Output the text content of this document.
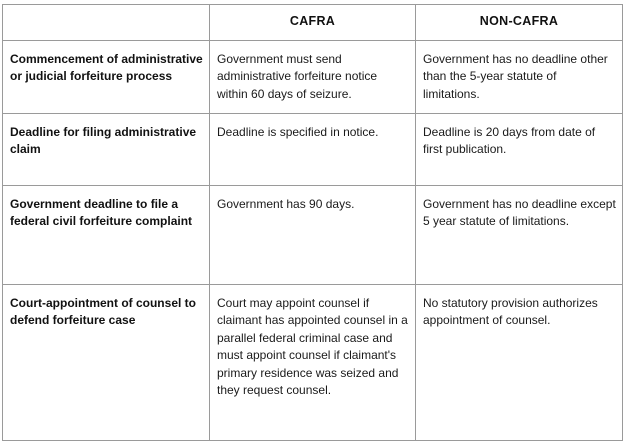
	CAFRA	NON-CAFRA
Commencement of administrative or judicial forfeiture process	Government must send administrative forfeiture notice within 60 days of seizure.	Government has no deadline other than the 5-year statute of limitations.
Deadline for filing administrative claim	Deadline is specified in notice.	Deadline is 20 days from date of first publication.
Government deadline to file a federal civil forfeiture complaint	Government has 90 days.	Government has no deadline except 5 year statute of limitations.
Court-appointment of counsel to defend forfeiture case	Court may appoint counsel if claimant has appointed counsel in a parallel federal criminal case and must appoint counsel if claimant's primary residence was seized and they request counsel.	No statutory provision authorizes appointment of counsel.
